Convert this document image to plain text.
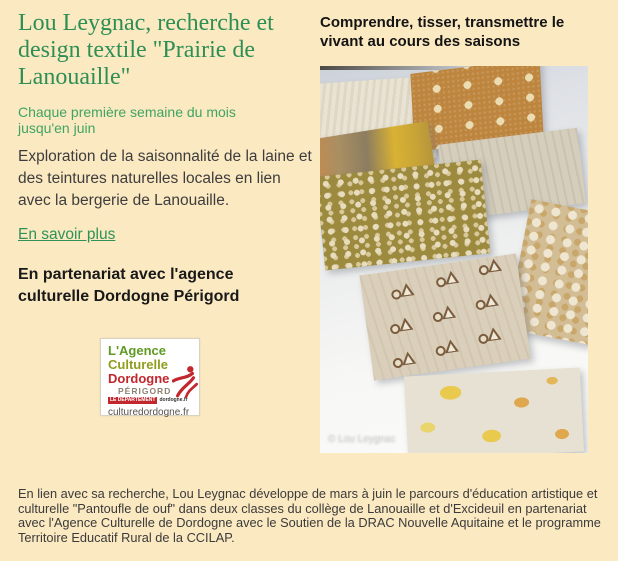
Lou Leygnac, recherche et design textile "Prairie de Lanouaille"

Chaque première semaine du mois jusqu'en juin

Exploration de la saisonnalité de la laine et des teintures naturelles locales en lien avec la bergerie de Lanouaille.

En savoir plus

En partenariat avec l'agence culturelle Dordogne Périgord

L'Agence
Culturelle
Dordogne
PÉRIGORD
LE DÉPARTEMENT dordogne.fr
culturedordogne.fr
Comprendre, tisser, transmettre le vivant au cours des saisons
© Lou Leygnac

En lien avec sa recherche, Lou Leygnac développe de mars à juin le parcours d'éducation artistique et culturelle "Pantoufle de ouf" dans deux classes du collège de Lanouaille et d'Excideuil en partenariat avec l'Agence Culturelle de Dordogne avec le Soutien de la DRAC Nouvelle Aquitaine et le programme Territoire Educatif Rural de la CCILAP.
